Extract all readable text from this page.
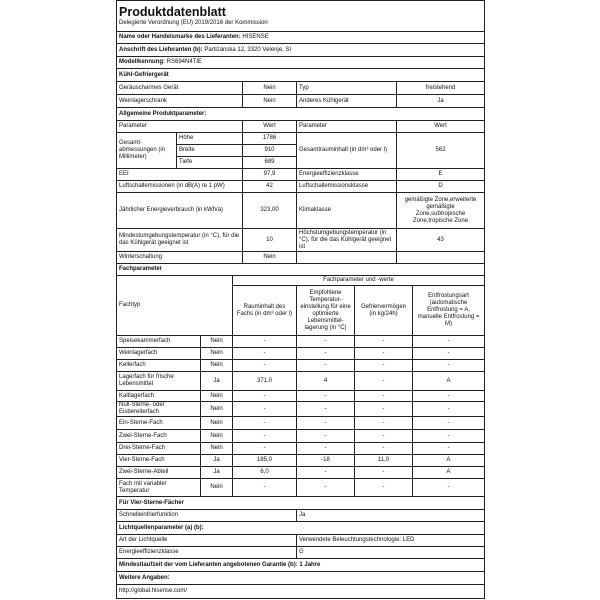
Produktdatenblatt
Delegierte Verordnung (EU) 2019/2016 der Kommission								

Name oder Handelsmarke des Lieferanten: HISENSE								
Anschrift des Lieferanten (b): Partizanska 12, 3320 Velenje, SI								
Modellkennung: RS694N4TIE								
Kühl-Gefriergerät								
Geräuscharmes Gerät				Nein	Typ		freistehend	
Weinlagerschrank				Nein	Anderes Kühlgerät		Ja	
Allgemeine Produktparameter:								
Parameter				Wert	Parameter		Wert	
Gesamt-abmessungen (in Millimeter)	Höhe			1786	Gesamtrauminhalt (in dm³ oder l)		562	
	Breite			910				
	Tiefe			689				
EEI				97,9	Energieeffizienzklasse		E	
Luftschallemissionen (in dB(A) re 1 pW)				42	Luftschallemissionsklasse		D	
Jährlicher Energieverbrauch (in kWh/a)				323,00	Klimaklasse		gemäßigte Zone,erweiterte gemäßigte Zone,subtropische Zone,tropische Zone	
Mindestumgebungstemperatur (in °C), für die das Kühlgerät geeignet ist				10	Höchstumgebungstemperatur (in °C), für die das Kühlgerät geeignet ist		43	
Winterschaltung				Nein				
Fachparameter								
Fachtyp			Fachparameter und -werte					
			Rauminhalt des Fachs (in dm³ oder l)		Empfohlene Temperatur-einstellung für eine optimierte Lebensmittel-lagerung (in °C)	Gefriervermögen (in kg/24h)		Entfrostungsart (automatische Entfrostung = A, manuelle Entfrostung = M)
Speisekammerfach		Nein	-		-	-		-
Weinlagerfach		Nein	-		-	-		-
Kellerfach		Nein	-		-	-		-
Lagerfach für frische Lebensmittel		Ja	371,0		4	-		A
Kaltlagerfach		Nein	-		-	-		-
Null-Sterne- oder Eisbereiterfach		Nein	-		-	-		-
Ein-Sterne-Fach		Nein	-		-	-		-
Zwei-Sterne-Fach		Nein	-		-	-		-
Drei-Sterne-Fach		Nein	-		-	-		-
Vier-Sterne-Fach		Ja	185,0		-18	11,0		A
Zwei-Sterne-Abteil		Ja	6,0		-	-		A
Fach mit variabler Temperatur		Nein	-		-	-		-
Für Vier-Sterne-Fächer								
Schnelleinfrierfunktion					Ja			
Lichtquellenparameter (a) (b):								
Art der Lichtquelle					Verwendete Beleuchtungstechnologie: LED			
Energieeffizienzklasse					G			
Mindestlaufzeit der vom Lieferanten angebotenen Garantie (b): 1 Jahre								
Weitere Angaben:								
http://global.hisense.com/								
